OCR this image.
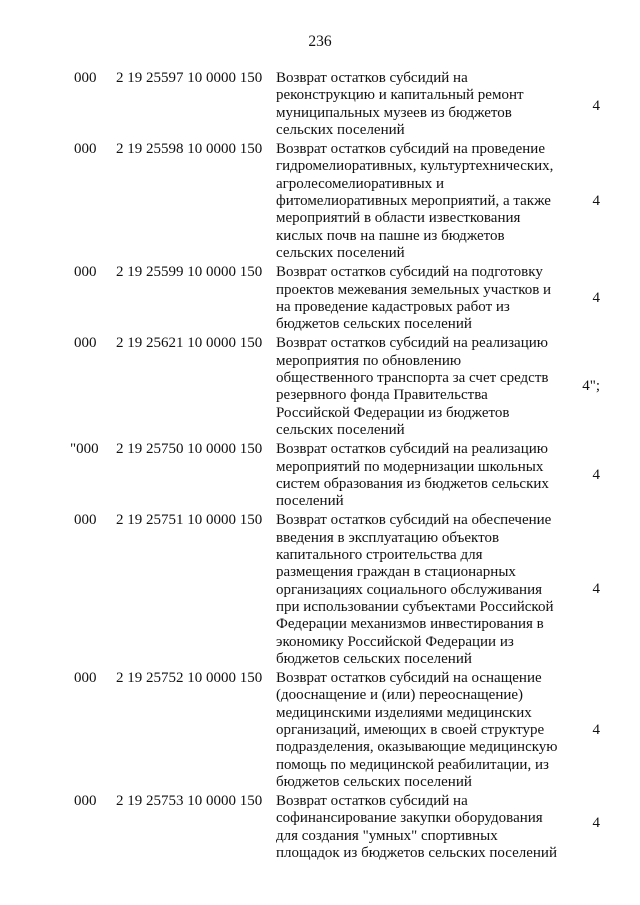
236
000 2 19 25597 10 0000 150 Возврат остатков субсидий на
реконструкцию и капитальный ремонт
муниципальных музеев из бюджетов
сельских поселений
4
000 2 19 25598 10 0000 150 Возврат остатков субсидий на проведение
гидромелиоративных, культуртехнических,
агролесомелиоративных и
фитомелиоративных мероприятий, а также
мероприятий в области известкования
кислых почв на пашне из бюджетов
сельских поселений
4
000 2 19 25599 10 0000 150 Возврат остатков субсидий на подготовку
проектов межевания земельных участков и
на проведение кадастровых работ из
бюджетов сельских поселений
4
000 2 19 25621 10 0000 150 Возврат остатков субсидий на реализацию
мероприятия по обновлению
общественного транспорта за счет средств
резервного фонда Правительства
Российской Федерации из бюджетов
сельских поселений
4";
"000 2 19 25750 10 0000 150 Возврат остатков субсидий на реализацию
мероприятий по модернизации школьных
систем образования из бюджетов сельских
поселений
4
000 2 19 25751 10 0000 150 Возврат остатков субсидий на обеспечение
введения в эксплуатацию объектов
капитального строительства для
размещения граждан в стационарных
организациях социального обслуживания
при использовании субъектами Российской
Федерации механизмов инвестирования в
экономику Российской Федерации из
бюджетов сельских поселений
4
000 2 19 25752 10 0000 150 Возврат остатков субсидий на оснащение
(дооснащение и (или) переоснащение)
медицинскими изделиями медицинских
организаций, имеющих в своей структуре
подразделения, оказывающие медицинскую
помощь по медицинской реабилитации, из
бюджетов сельских поселений
4
000 2 19 25753 10 0000 150 Возврат остатков субсидий на
софинансирование закупки оборудования
для создания "умных" спортивных
площадок из бюджетов сельских поселений
4
